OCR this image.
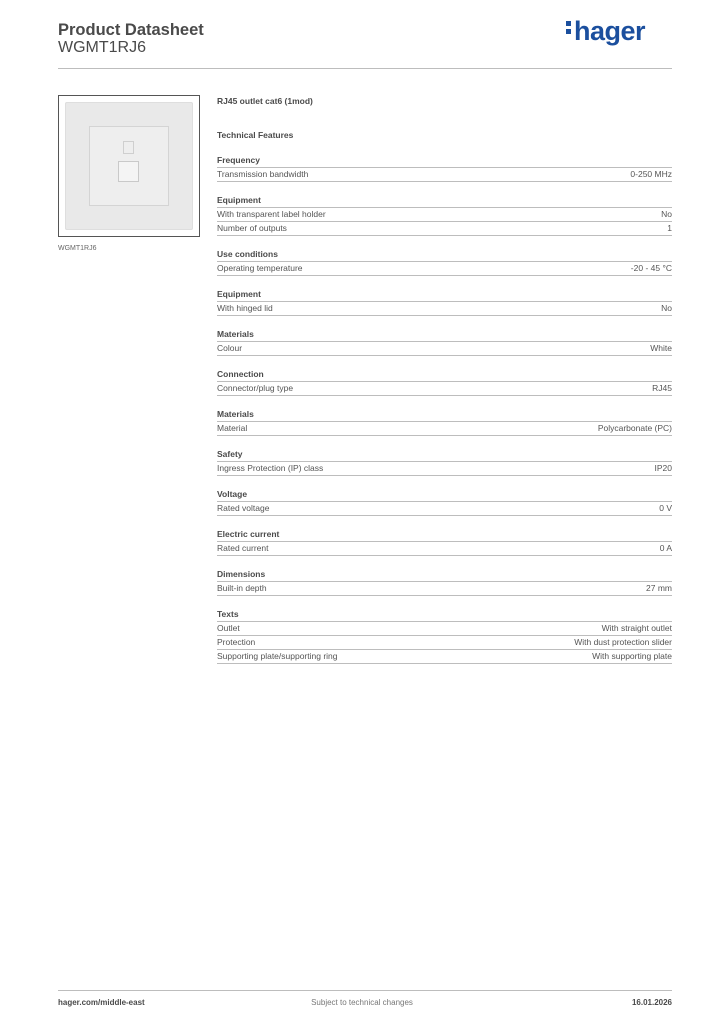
Product Datasheet
WGMT1RJ6
hager
WGMT1RJ6
RJ45 outlet cat6 (1mod)
Technical Features
Frequency
Transmission bandwidth	0-250 MHz
Equipment
With transparent label holder	No
Number of outputs	1
Use conditions
Operating temperature	-20 - 45 °C
Equipment
With hinged lid	No
Materials
Colour	White
Connection
Connector/plug type	RJ45
Materials
Material	Polycarbonate (PC)
Safety
Ingress Protection (IP) class	IP20
Voltage
Rated voltage	0 V
Electric current
Rated current	0 A
Dimensions
Built-in depth	27 mm
Texts
Outlet	With straight outlet
Protection	With dust protection slider
Supporting plate/supporting ring	With supporting plate
hager.com/middle-east	Subject to technical changes	16.01.2026
